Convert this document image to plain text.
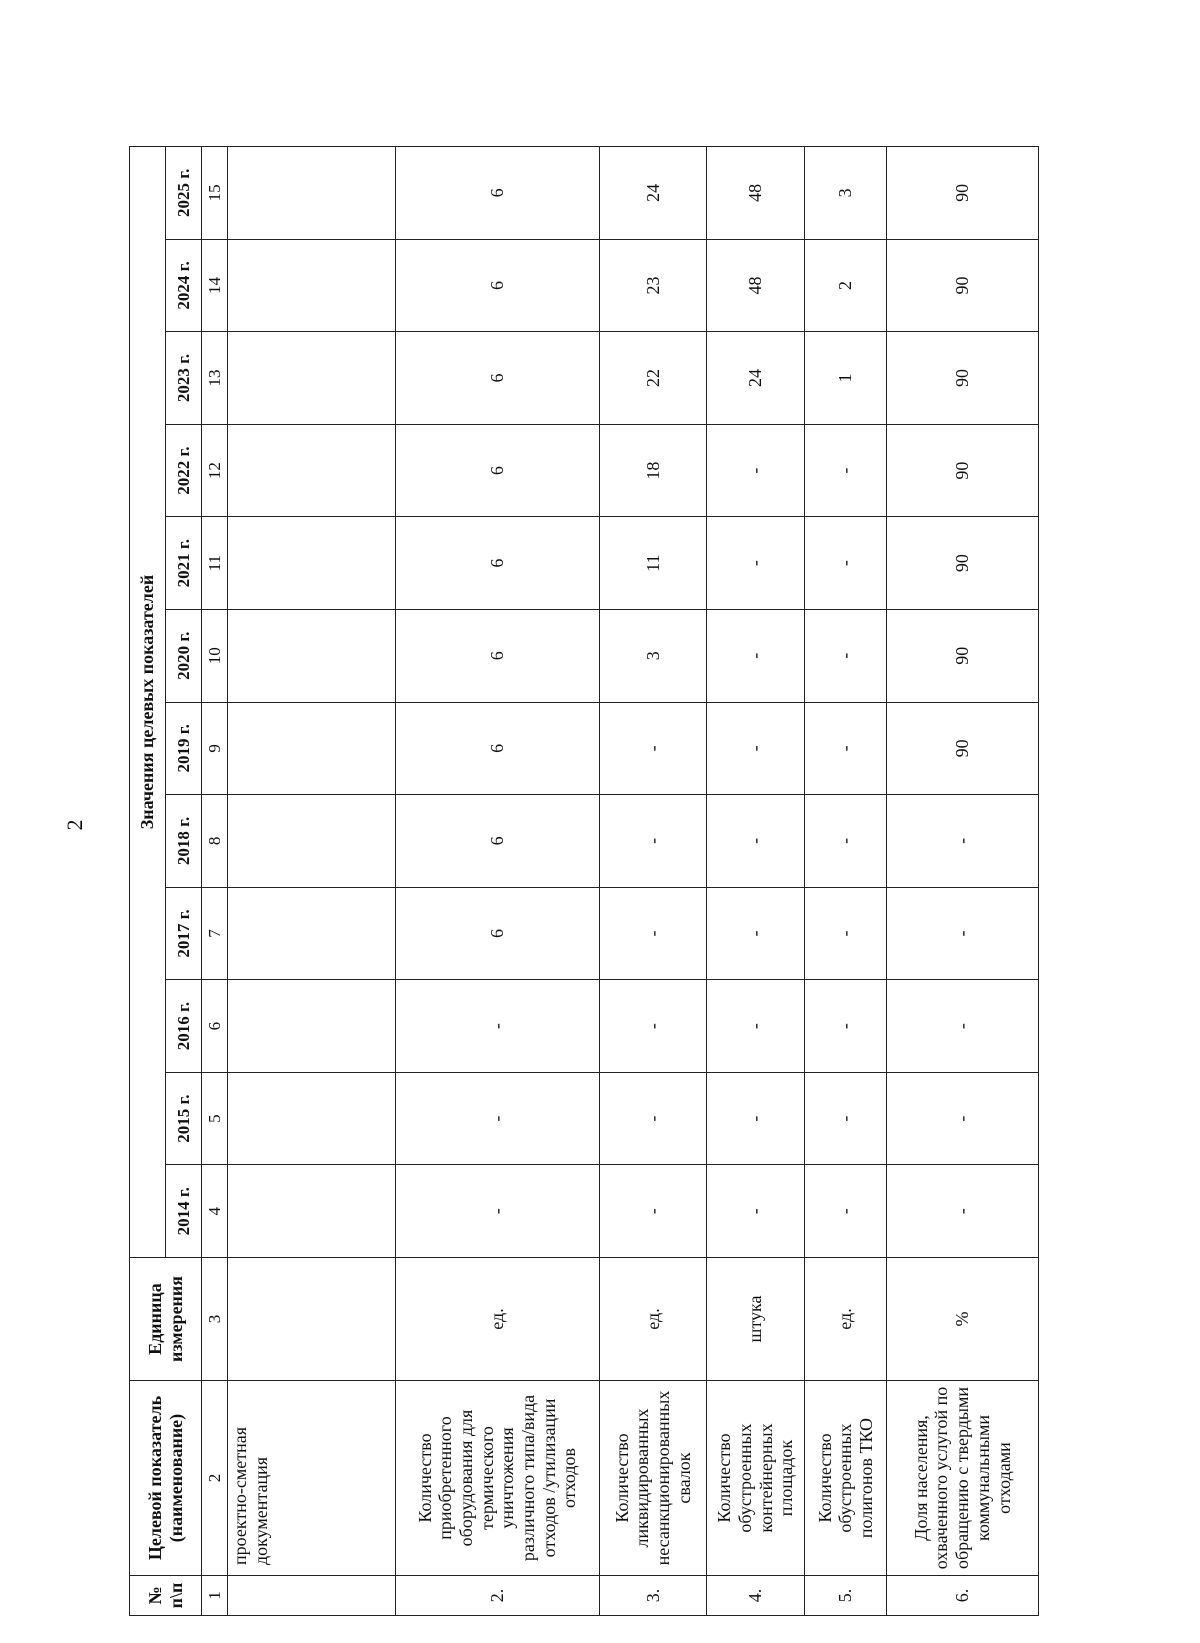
2
№ п\п	Целевой показатель (наименование)	Единица измерения	Значения целевых показателей											
			2014 г.	2015 г.	2016 г.	2017 г.	2018 г.	2019 г.	2020 г.	2021 г.	2022 г.	2023 г.	2024 г.	2025 г.
1	2	3	4	5	6	7	8	9	10	11	12	13	14	15
	проектно-сметная документация													
2.	Количество приобретенного оборудования для термического уничтожения различного типа/вида отходов /утилизации отходов	ед.	-	-	-	6	6	6	6	6	6	6	6	6
3.	Количество ликвидированных несанкционированных свалок	ед.	-	-	-	-	-	-	3	11	18	22	23	24
4.	Количество обустроенных контейнерных площадок	штука	-	-	-	-	-	-	-	-	-	24	48	48
5.	Количество обустроенных полигонов ТКО	ед.	-	-	-	-	-	-	-	-	-	1	2	3
6.	Доля населения, охваченного услугой по обращению с твердыми коммунальными отходами	%	-	-	-	-	-	90	90	90	90	90	90	90
